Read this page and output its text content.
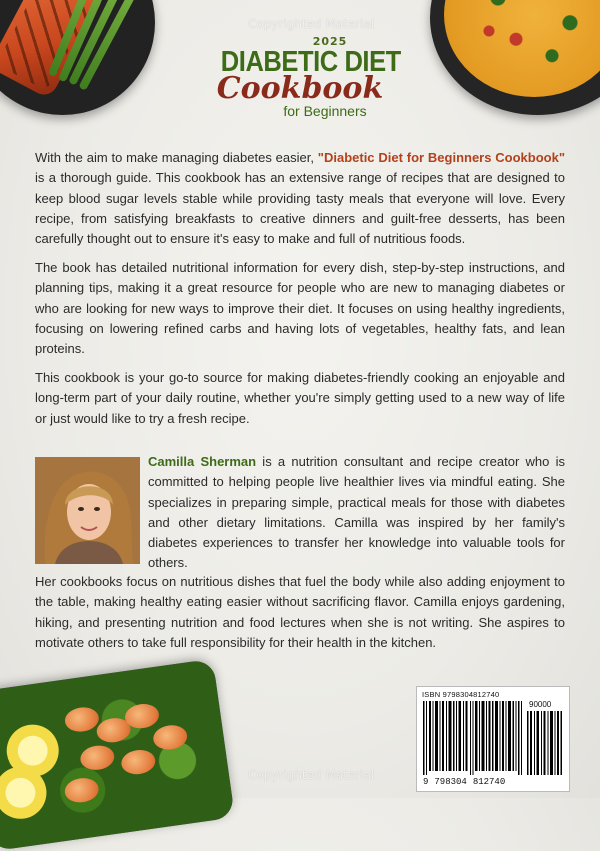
Copyrighted Material
2025
DIABETIC DIET
Cookbook
for Beginners
With the aim to make managing diabetes easier, "Diabetic Diet for Beginners Cookbook" is a thorough guide. This cookbook has an extensive range of recipes that are designed to keep blood sugar levels stable while providing tasty meals that everyone will love. Every recipe, from satisfying breakfasts to creative dinners and guilt-free desserts, has been carefully thought out to ensure it's easy to make and full of nutritious foods.
The book has detailed nutritional information for every dish, step-by-step instructions, and planning tips, making it a great resource for people who are new to managing diabetes or who are looking for new ways to improve their diet. It focuses on using healthy ingredients, focusing on lowering refined carbs and having lots of vegetables, healthy fats, and lean proteins.
This cookbook is your go-to source for making diabetes-friendly cooking an enjoyable and long-term part of your daily routine, whether you're simply getting used to a new way of life or just would like to try a fresh recipe.
Camilla Sherman is a nutrition consultant and recipe creator who is committed to helping people live healthier lives via mindful eating. She specializes in preparing simple, practical meals for those with diabetes and other dietary limitations. Camilla was inspired by her family's diabetes experiences to transfer her knowledge into valuable tools for others.
Her cookbooks focus on nutritious dishes that fuel the body while also adding enjoyment to the table, making healthy eating easier without sacrificing flavor. Camilla enjoys gardening, hiking, and presenting nutrition and food lectures when she is not writing. She aspires to motivate others to take full responsibility for their health in the kitchen.
Copyrighted Material
ISBN 9798304812740
90000
9 798304 812740
